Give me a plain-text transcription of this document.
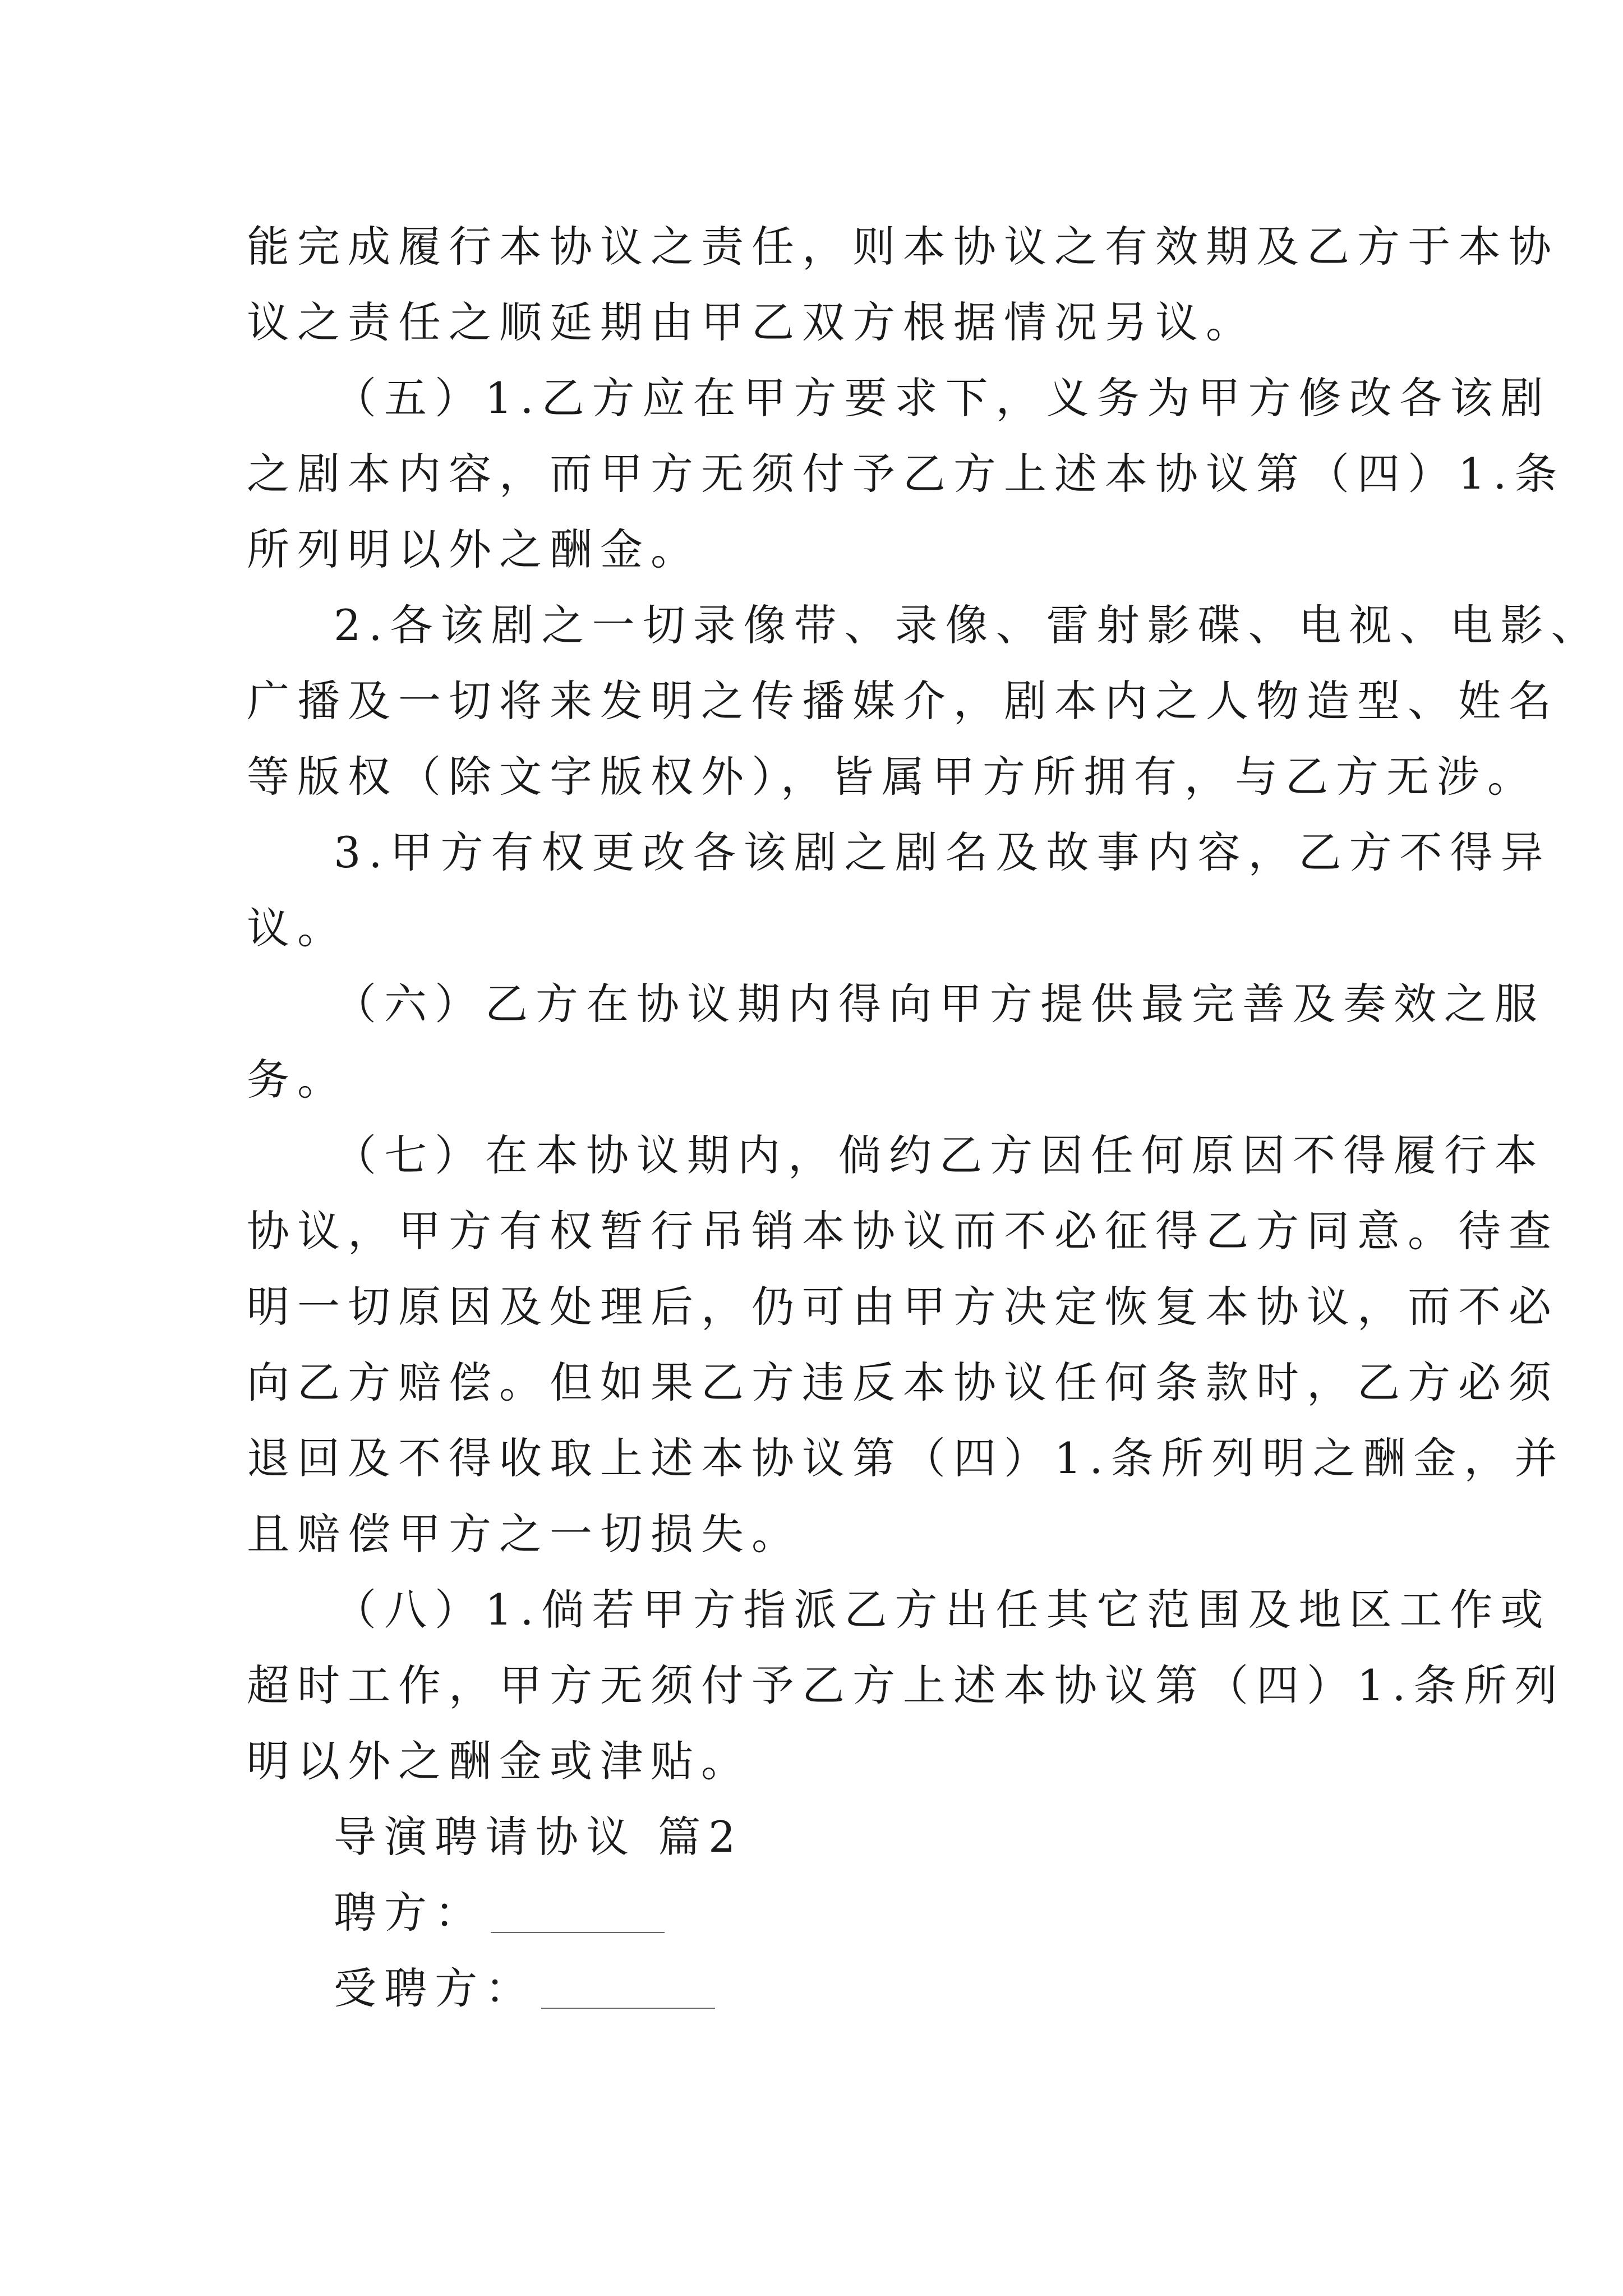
能完成履行本协议之责任，则本协议之有效期及乙方于本协
议之责任之顺延期由甲乙双方根据情况另议。
（五）1.乙方应在甲方要求下，义务为甲方修改各该剧
之剧本内容，而甲方无须付予乙方上述本协议第（四）1.条
所列明以外之酬金。
2.各该剧之一切录像带、录像、雷射影碟、电视、电影、
广播及一切将来发明之传播媒介，剧本内之人物造型、姓名
等版权（除文字版权外），皆属甲方所拥有，与乙方无涉。
3.甲方有权更改各该剧之剧名及故事内容，乙方不得异
议。
（六）乙方在协议期内得向甲方提供最完善及奏效之服
务。
（七）在本协议期内，倘约乙方因任何原因不得履行本
协议，甲方有权暂行吊销本协议而不必征得乙方同意。待查
明一切原因及处理后，仍可由甲方决定恢复本协议，而不必
向乙方赔偿。但如果乙方违反本协议任何条款时，乙方必须
退回及不得收取上述本协议第（四）1.条所列明之酬金，并
且赔偿甲方之一切损失。
（八）1.倘若甲方指派乙方出任其它范围及地区工作或
超时工作，甲方无须付予乙方上述本协议第（四）1.条所列
明以外之酬金或津贴。
导演聘请协议 篇2
聘方：
受聘方：
